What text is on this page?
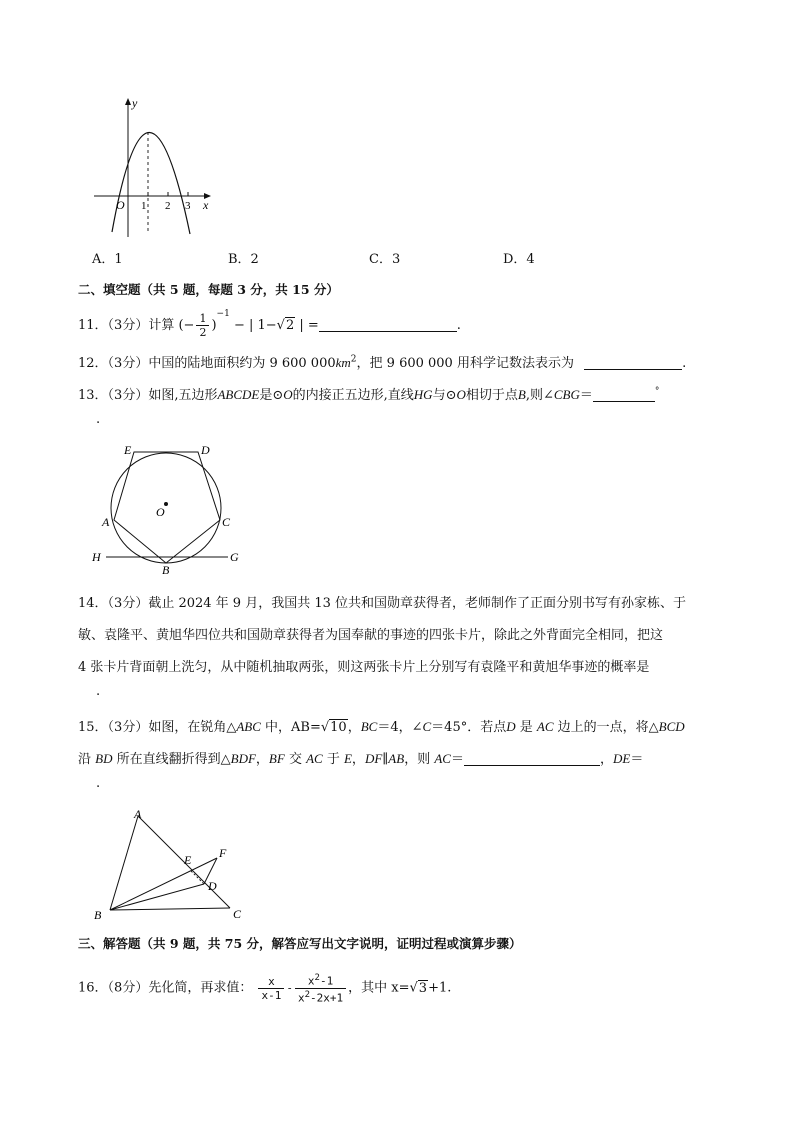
y
x
O 1 2 3
A．1	B．2	C．3	D．4
二、填空题（共 5 题，每题 3 分，共 15 分）
11．（3分）计算 (− $\frac{1}{2} )^{-1}$ − | 1−√2 | =	.
12．（3分）中国的陆地面积约为 9 600 $000km^2$，把 9 600 000 用科学记数法表示为	.
13．（3分）如图,五边形ABCDE是⊙O的内接正五边形,直线HG与⊙O相切于点B,则∠CBG＝	°
.
E	D
O
A	C
H	G
B
14．（3分）截止 2024 年 9 月，我国共 13 位共和国勋章获得者，老师制作了正面分别书写有孙家栋、于
敏、袁隆平、黄旭华四位共和国勋章获得者为国奉献的事迹的四张卡片，除此之外背面完全相同，把这
4 张卡片背面朝上洗匀，从中随机抽取两张，则这两张卡片上分别写有袁隆平和黄旭华事迹的概率是
.
15．（3分）如图，在锐角△ABC 中，AB=√10，BC＝4，∠C＝45°．若点D 是 AC 边上的一点，将△BCD
沿 BD 所在直线翻折得到△BDF，BF 交 AC 于 E，DF∥AB，则 AC＝	，DE＝
.
A
E F
D
B	C
三、解答题（共 9 题，共 75 分，解答应写出文字说明，证明过程或演算步骤）
16．（8分）先化简，再求值： $\frac{x}{x-1} - \frac{x^2-1}{x^2-2x+1}$ ，其中 x=√3+1.
